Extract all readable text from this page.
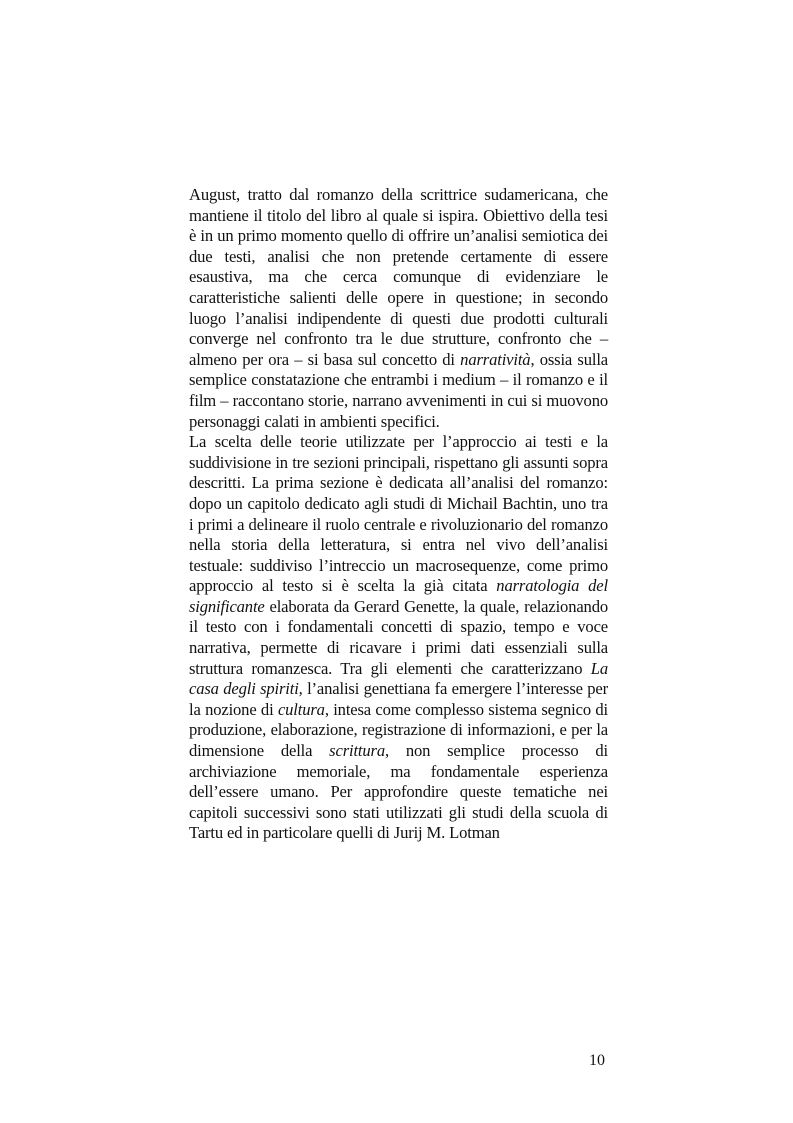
August, tratto dal romanzo della scrittrice sudamericana, che mantiene il titolo del libro al quale si ispira. Obiettivo della tesi è in un primo momento quello di offrire un’analisi semiotica dei due testi, analisi che non pretende certamente di essere esaustiva, ma che cerca comunque di evidenziare le caratteristiche salienti delle opere in questione; in secondo luogo l’analisi indipendente di questi due prodotti culturali converge nel confronto tra le due strutture, confronto che – almeno per ora – si basa sul concetto di narratività, ossia sulla semplice constatazione che entrambi i medium – il romanzo e il film – raccontano storie, narrano avvenimenti in cui si muovono personaggi calati in ambienti specifici.

La scelta delle teorie utilizzate per l’approccio ai testi e la suddivisione in tre sezioni principali, rispettano gli assunti sopra descritti. La prima sezione è dedicata all’analisi del romanzo: dopo un capitolo dedicato agli studi di Michail Bachtin, uno tra i primi a delineare il ruolo centrale e rivoluzionario del romanzo nella storia della letteratura, si entra nel vivo dell’analisi testuale: suddiviso l’intreccio un macrosequenze, come primo approccio al testo si è scelta la già citata narratologia del significante elaborata da Gerard Genette, la quale, relazionando il testo con i fondamentali concetti di spazio, tempo e voce narrativa, permette di ricavare i primi dati essenziali sulla struttura romanzesca. Tra gli elementi che caratterizzano La casa degli spiriti, l’analisi genettiana fa emergere l’interesse per la nozione di cultura, intesa come complesso sistema segnico di produzione, elaborazione, registrazione di informazioni, e per la dimensione della scrittura, non semplice processo di archiviazione memoriale, ma fondamentale esperienza dell’essere umano. Per approfondire queste tematiche nei capitoli successivi sono stati utilizzati gli studi della scuola di Tartu ed in particolare quelli di Jurij M. Lotman

10
